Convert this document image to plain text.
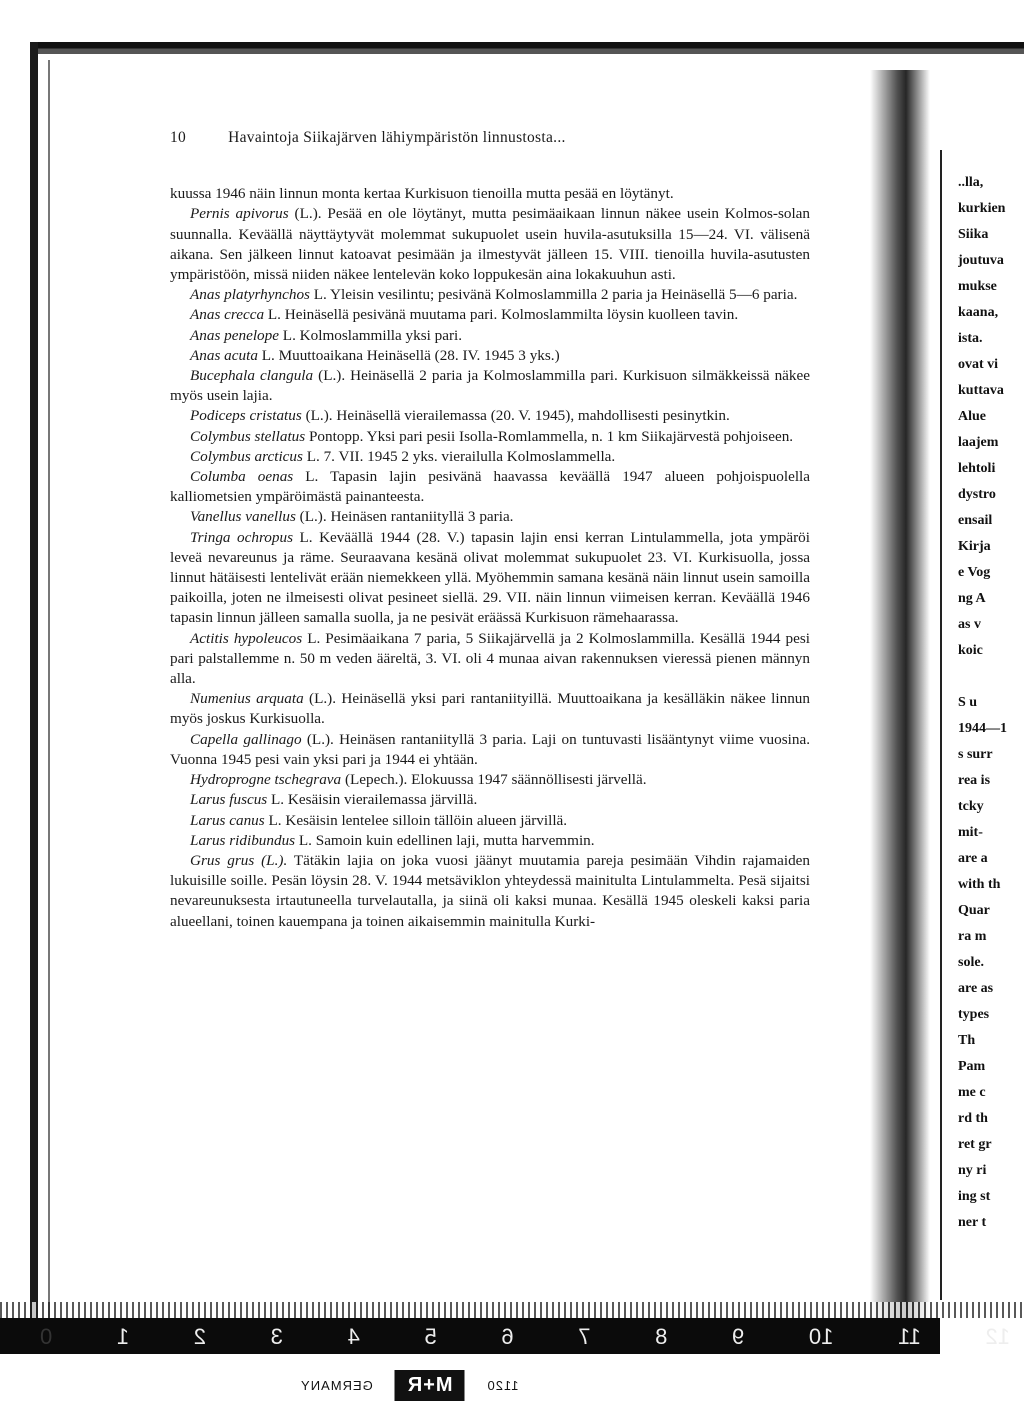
..lla,
kurkien
Siika
joutuva
mukse
kaana,
ista.
ovat vi
kuttava
Alue
laajem
lehtoli
dystro
ensail
Kirja
e Vog
ng A
as v
koic
S u
1944—1
s surr
rea is
tcky
mit-
are a
with th
Quar
ra m
sole.
are as
types
Th
Pam
me c
rd th
ret gr
ny ri
ing st
ner t
10	Havaintoja Siikajärven lähiympäristön linnustosta...

kuussa 1946 näin linnun monta kertaa Kurkisuon tienoilla mutta pesää en löytänyt.

Pernis apivorus (L.). Pesää en ole löytänyt, mutta pesimäaikaan linnun näkee usein Kolmos-solan suunnalla. Keväällä näyttäytyvät molemmat sukupuolet usein huvila-asutuksilla 15—24. VI. välisenä aikana. Sen jälkeen linnut katoavat pesimään ja ilmestyvät jälleen 15. VIII. tienoilla huvila-asutusten ympäristöön, missä niiden näkee lentelevän koko loppukesän aina lokakuuhun asti.

Anas platyrhynchos L. Yleisin vesilintu; pesivänä Kolmoslammilla 2 paria ja Heinäsellä 5—6 paria.

Anas crecca L. Heinäsellä pesivänä muutama pari. Kolmoslammilta löysin kuolleen tavin.

Anas penelope L. Kolmoslammilla yksi pari.

Anas acuta L. Muuttoaikana Heinäsellä (28. IV. 1945 3 yks.)

Bucephala clangula (L.). Heinäsellä 2 paria ja Kolmoslammilla pari. Kurkisuon silmäkkeissä näkee myös usein lajia.

Podiceps cristatus (L.). Heinäsellä vierailemassa (20. V. 1945), mahdollisesti pesinytkin.

Colymbus stellatus Pontopp. Yksi pari pesii Isolla-Romlammella, n. 1 km Siikajärvestä pohjoiseen.

Colymbus arcticus L. 7. VII. 1945 2 yks. vierailulla Kolmoslammella.

Columba oenas L. Tapasin lajin pesivänä haavassa keväällä 1947 alueen pohjoispuolella kalliometsien ympäröimästä painanteesta.

Vanellus vanellus (L.). Heinäsen rantaniityllä 3 paria.

Tringa ochropus L. Keväällä 1944 (28. V.) tapasin lajin ensi kerran Lintulammella, jota ympäröi leveä nevareunus ja räme. Seuraavana kesänä olivat molemmat sukupuolet 23. VI. Kurkisuolla, jossa linnut hätäisesti lentelivät erään niemekkeen yllä. Myöhemmin samana kesänä näin linnut usein samoilla paikoilla, joten ne ilmeisesti olivat pesineet siellä. 29. VII. näin linnun viimeisen kerran. Keväällä 1946 tapasin linnun jälleen samalla suolla, ja ne pesivät eräässä Kurkisuon rämehaarassa.

Actitis hypoleucos L. Pesimäaikana 7 paria, 5 Siikajärvellä ja 2 Kolmoslammilla. Kesällä 1944 pesi pari palstallemme n. 50 m veden ääreltä, 3. VI. oli 4 munaa aivan rakennuksen vieressä pienen männyn alla.

Numenius arquata (L.). Heinäsellä yksi pari rantaniityillä. Muuttoaikana ja kesälläkin näkee linnun myös joskus Kurkisuolla.

Capella gallinago (L.). Heinäsen rantaniityllä 3 paria. Laji on tuntuvasti lisääntynyt viime vuosina. Vuonna 1945 pesi vain yksi pari ja 1944 ei yhtään.

Hydroprogne tschegrava (Lepech.). Elokuussa 1947 säännöllisesti järvellä.

Larus fuscus L. Kesäisin vierailemassa järvillä.

Larus canus L. Kesäisin lentelee silloin tällöin alueen järvillä.

Larus ridibundus L. Samoin kuin edellinen laji, mutta harvemmin.

Grus grus (L.). Tätäkin lajia on joka vuosi jäänyt muutamia pareja pesimään Vihdin rajamaiden lukuisille soille. Pesän löysin 28. V. 1944 metsäviklon yhteydessä mainitulta Lintulammelta. Pesä sijaitsi nevareunuksesta irtautuneella turvelautalla, ja siinä oli kaksi munaa. Kesällä 1945 oleskeli kaksi paria alueellani, toinen kauempana ja toinen aikaisemmin mainitulla Kurki-

12
11
10
9
8
7
6
5
4
3
2
1
0
1120
M+R
GERMANY
